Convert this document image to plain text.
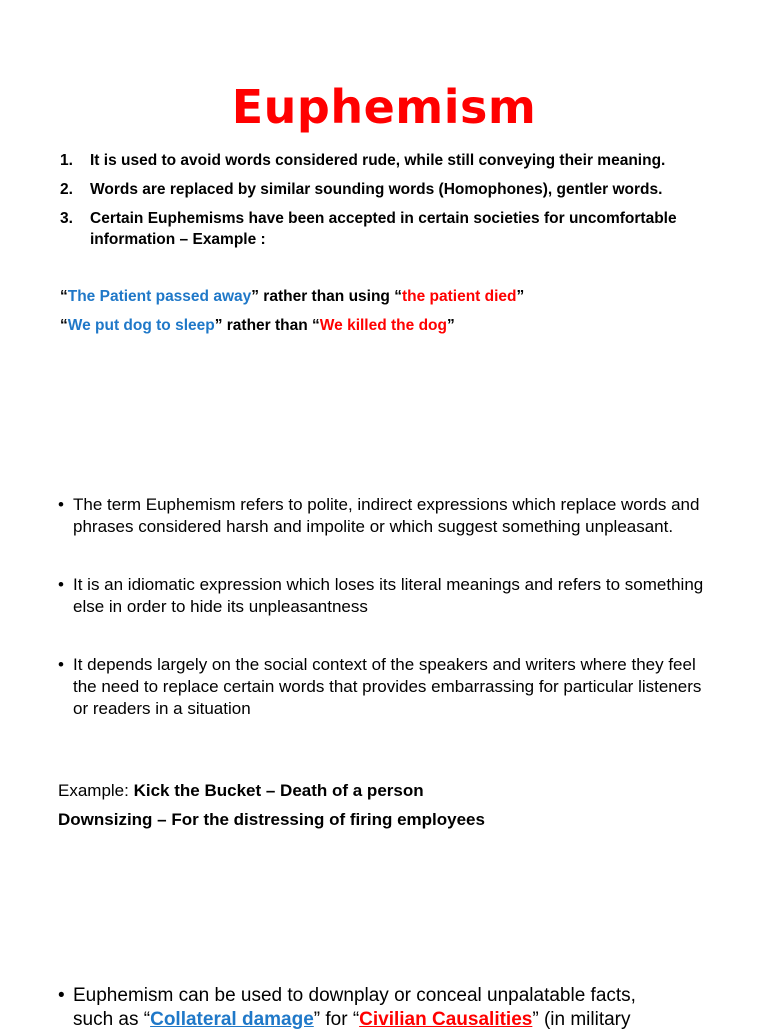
Euphemism
1. It is used to avoid words considered rude, while still conveying their meaning.
2. Words are replaced by similar sounding words (Homophones), gentler words.
3. Certain Euphemisms have been accepted in certain societies for uncomfortable information – Example :
“The Patient passed away” rather than using “the patient died”
“We put dog to sleep” rather than “We killed the dog”
• The term Euphemism refers to polite, indirect expressions which replace words and phrases considered harsh and impolite or which suggest something unpleasant.
• It is an idiomatic expression which loses its literal meanings and refers to something else in order to hide its unpleasantness
• It depends largely on the social context of the speakers and writers where they feel the need to replace certain words that provides embarrassing for particular listeners or readers in a situation
Example: Kick the Bucket – Death of a person
Downsizing – For the distressing of firing employees
• Euphemism can be used to downplay or conceal unpalatable facts,
such as “Collateral damage” for “Civilian Causalities” (in military
